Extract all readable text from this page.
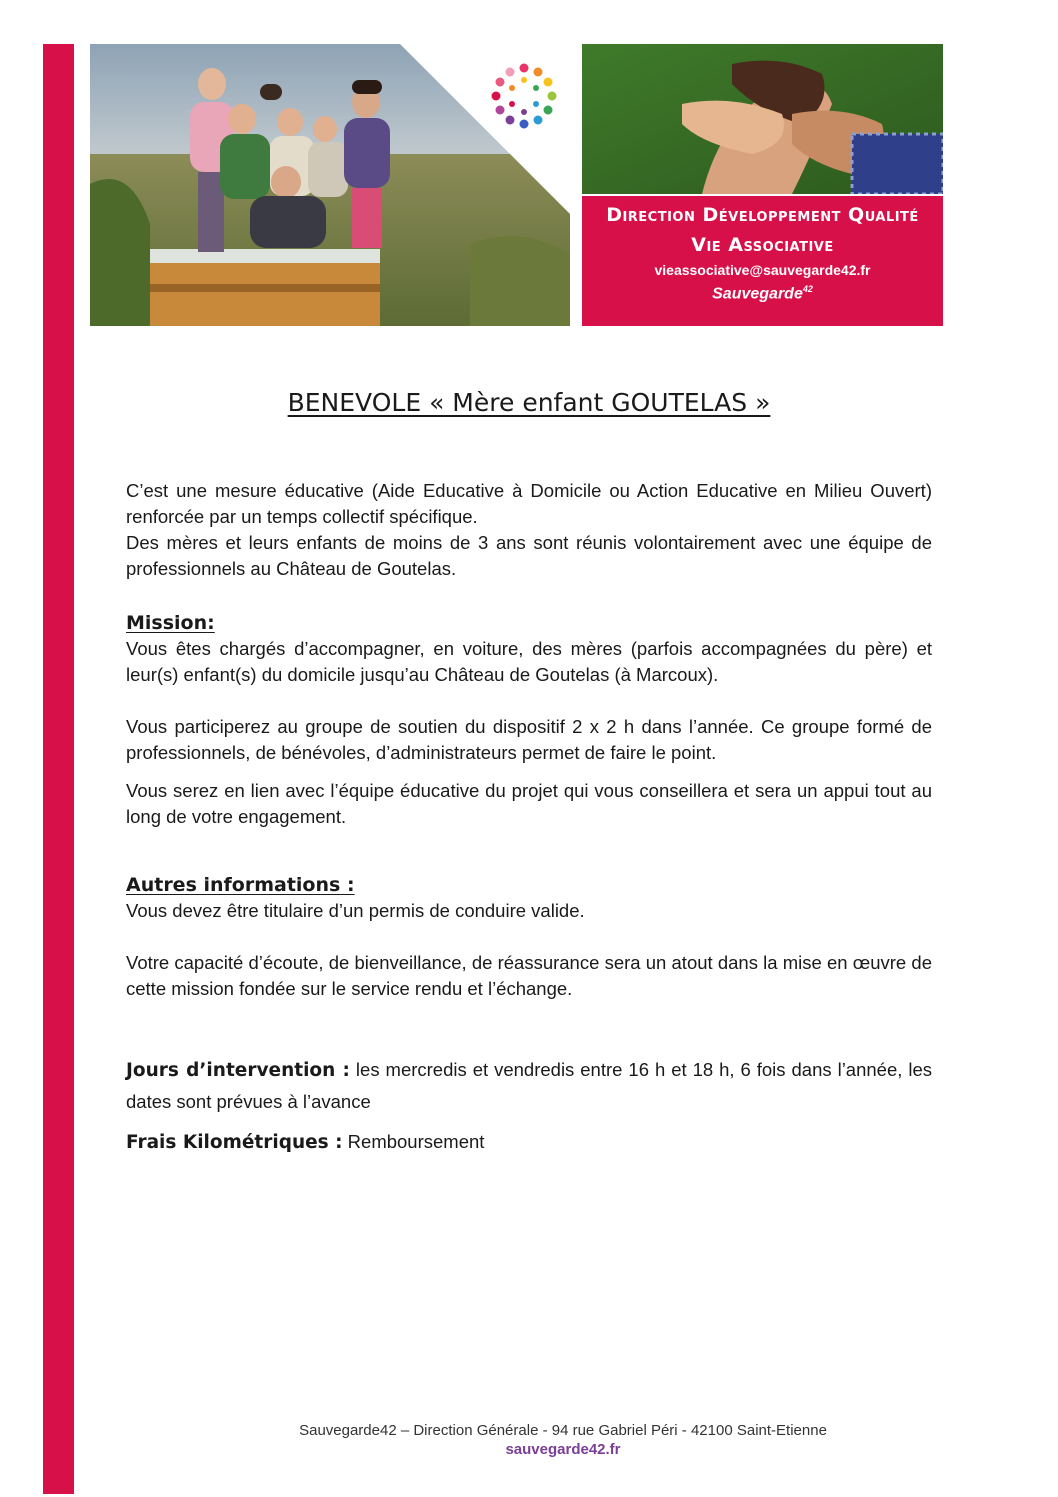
Direction Développement Qualité
Vie Associative
vieassociative@sauvegarde42.fr
Sauvegarde$^{42}$
BENEVOLE « Mère enfant GOUTELAS »

C’est une mesure éducative (Aide Educative à Domicile ou Action Educative en Milieu Ouvert) renforcée par un temps collectif spécifique.

Des mères et leurs enfants de moins de 3 ans sont réunis volontairement avec une équipe de professionnels au Château de Goutelas.

Mission:

Vous êtes chargés d’accompagner, en voiture, des mères (parfois accompagnées du père) et leur(s) enfant(s) du domicile jusqu’au Château de Goutelas (à Marcoux).

Vous participerez au groupe de soutien du dispositif 2 x 2 h dans l’année. Ce groupe formé de professionnels, de bénévoles, d’administrateurs permet de faire le point.

Vous serez en lien avec l’équipe éducative du projet qui vous conseillera et sera un appui tout au long de votre engagement.

Autres informations :

Vous devez être titulaire d’un permis de conduire valide.

Votre capacité d’écoute, de bienveillance, de réassurance sera un atout dans la mise en œuvre de cette mission fondée sur le service rendu et l’échange.

Jours d’intervention : les mercredis et vendredis entre 16 h et 18 h, 6 fois dans l’année, les dates sont prévues à l’avance

Frais Kilométriques : Remboursement

Sauvegarde42 – Direction Générale - 94 rue Gabriel Péri - 42100 Saint-Etienne
sauvegarde42.fr
